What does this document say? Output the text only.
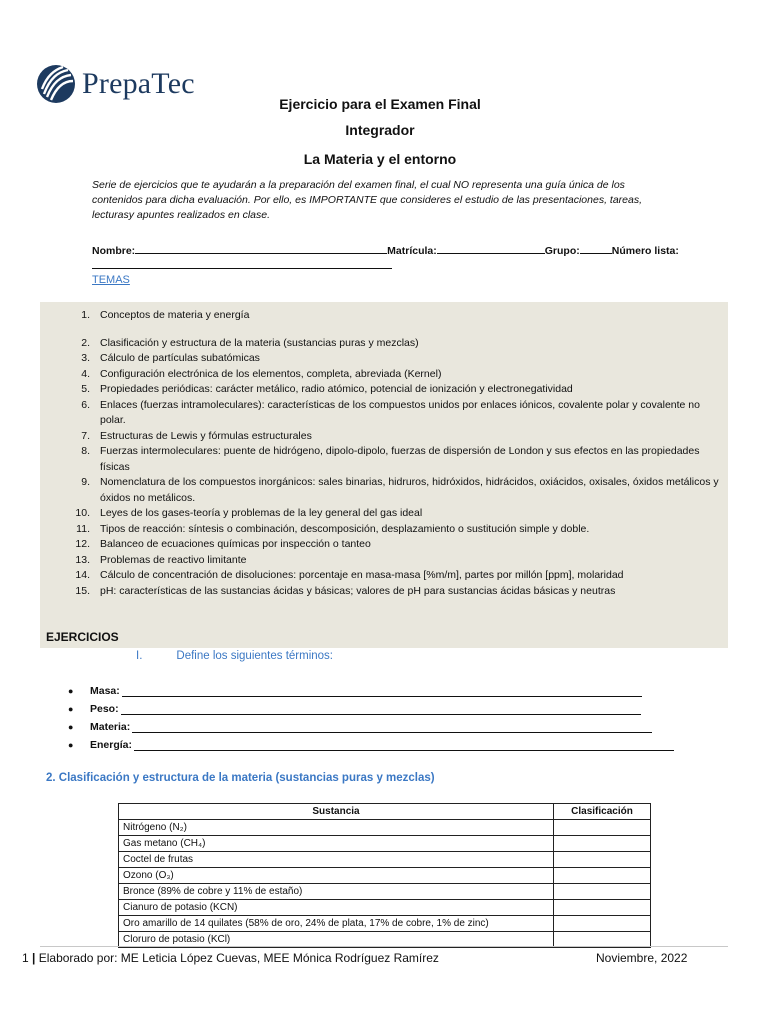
PrepaTec
Ejercicio para el Examen Final
Integrador
La Materia y el entorno
Serie de ejercicios que te ayudarán a la preparación del examen final, el cual NO representa una guía única de los contenidos para dicha evaluación. Por ello, es IMPORTANTE que consideres el estudio de las presentaciones, tareas, lecturasy apuntes realizados en clase.
Nombre:	Matrícula:	Grupo:	Número lista:
TEMAS
1. Conceptos de materia y energía
2. Clasificación y estructura de la materia (sustancias puras y mezclas)
3. Cálculo de partículas subatómicas
4. Configuración electrónica de los elementos, completa, abreviada (Kernel)
5. Propiedades periódicas: carácter metálico, radio atómico, potencial de ionización y electronegatividad
6. Enlaces (fuerzas intramoleculares): características de los compuestos unidos por enlaces iónicos, covalente polar y covalente no polar.
7. Estructuras de Lewis y fórmulas estructurales
8. Fuerzas intermoleculares: puente de hidrógeno, dipolo-dipolo, fuerzas de dispersión de London y sus efectos en las propiedades físicas
9. Nomenclatura de los compuestos inorgánicos: sales binarias, hidruros, hidróxidos, hidrácidos, oxiácidos, oxisales, óxidos metálicos y óxidos no metálicos.
10. Leyes de los gases-teoría y problemas de la ley general del gas ideal
11. Tipos de reacción: síntesis o combinación, descomposición, desplazamiento o sustitución simple y doble.
12. Balanceo de ecuaciones químicas por inspección o tanteo
13. Problemas de reactivo limitante
14. Cálculo de concentración de disoluciones: porcentaje en masa-masa [%m/m], partes por millón [ppm], molaridad
15. pH: características de las sustancias ácidas y básicas; valores de pH para sustancias ácidas básicas y neutras
EJERCICIOS
I.	Define los siguientes términos:
●	Masa:
●	Peso:
●	Materia:
●	Energía:
2. Clasificación y estructura de la materia (sustancias puras y mezclas)
Sustancia	Clasificación
Nitrógeno (N₂)	
Gas metano (CH₄)	
Coctel de frutas	
Ozono (O₃)	
Bronce (89% de cobre y 11% de estaño)	
Cianuro de potasio (KCN)	
Oro amarillo de 14 quilates (58% de oro, 24% de plata, 17% de cobre, 1% de zinc)	
Cloruro de potasio (KCl)	
1 | Elaborado por: ME Leticia López Cuevas, MEE Mónica Rodríguez Ramírez	Noviembre, 2022
